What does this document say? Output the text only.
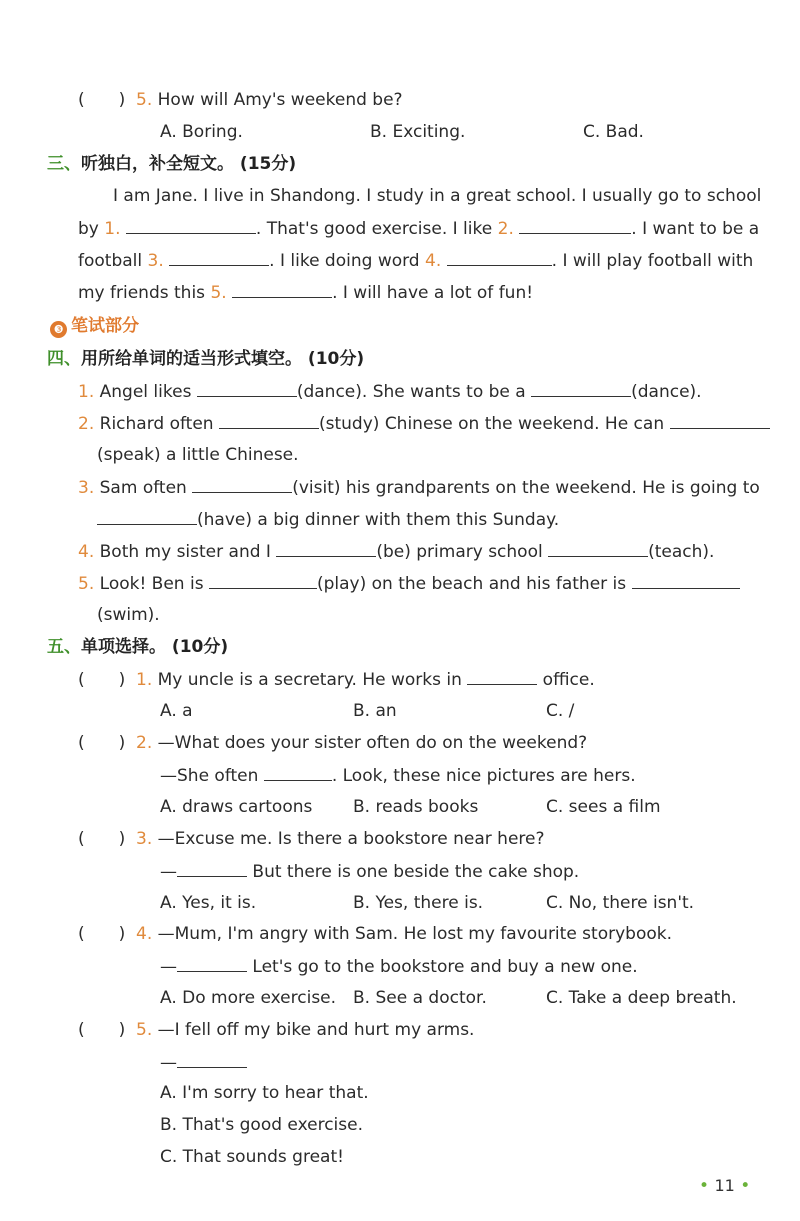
(　　) 5. How will Amy's weekend be?
A. Boring.	B. Exciting.	C. Bad.
三、听独白，补全短文。 (15分)
I am Jane. I live in Shandong. I study in a great school. I usually go to school
by 1.	. That's good exercise. I like 2.	. I want to be a
football 3.	. I like doing word 4.	. I will play football with
my friends this 5.	. I will have a lot of fun!
❸ 笔试部分
四、用所给单词的适当形式填空。 (10分)
1. Angel likes	(dance). She wants to be a	(dance).
2. Richard often	(study) Chinese on the weekend. He can
(speak) a little Chinese.
3. Sam often	(visit) his grandparents on the weekend. He is going to
(have) a big dinner with them this Sunday.
4. Both my sister and I	(be) primary school	(teach).
5. Look! Ben is	(play) on the beach and his father is
(swim).
五、单项选择。 (10分)
(　　) 1. My uncle is a secretary. He works in	office.
A. a	B. an	C. /
(　　) 2. —What does your sister often do on the weekend?
—She often	. Look, these nice pictures are hers.
A. draws cartoons B. reads books	C. sees a film
(　　) 3. —Excuse me. Is there a bookstore near here?
—	But there is one beside the cake shop.
A. Yes, it is.	B. Yes, there is.	C. No, there isn't.
(　　) 4. —Mum, I'm angry with Sam. He lost my favourite storybook.
—	Let's go to the bookstore and buy a new one.
A. Do more exercise. B. See a doctor.	C. Take a deep breath.
(　　) 5. —I fell off my bike and hurt my arms.
—
A. I'm sorry to hear that.
B. That's good exercise.
C. That sounds great!
• 11 •
